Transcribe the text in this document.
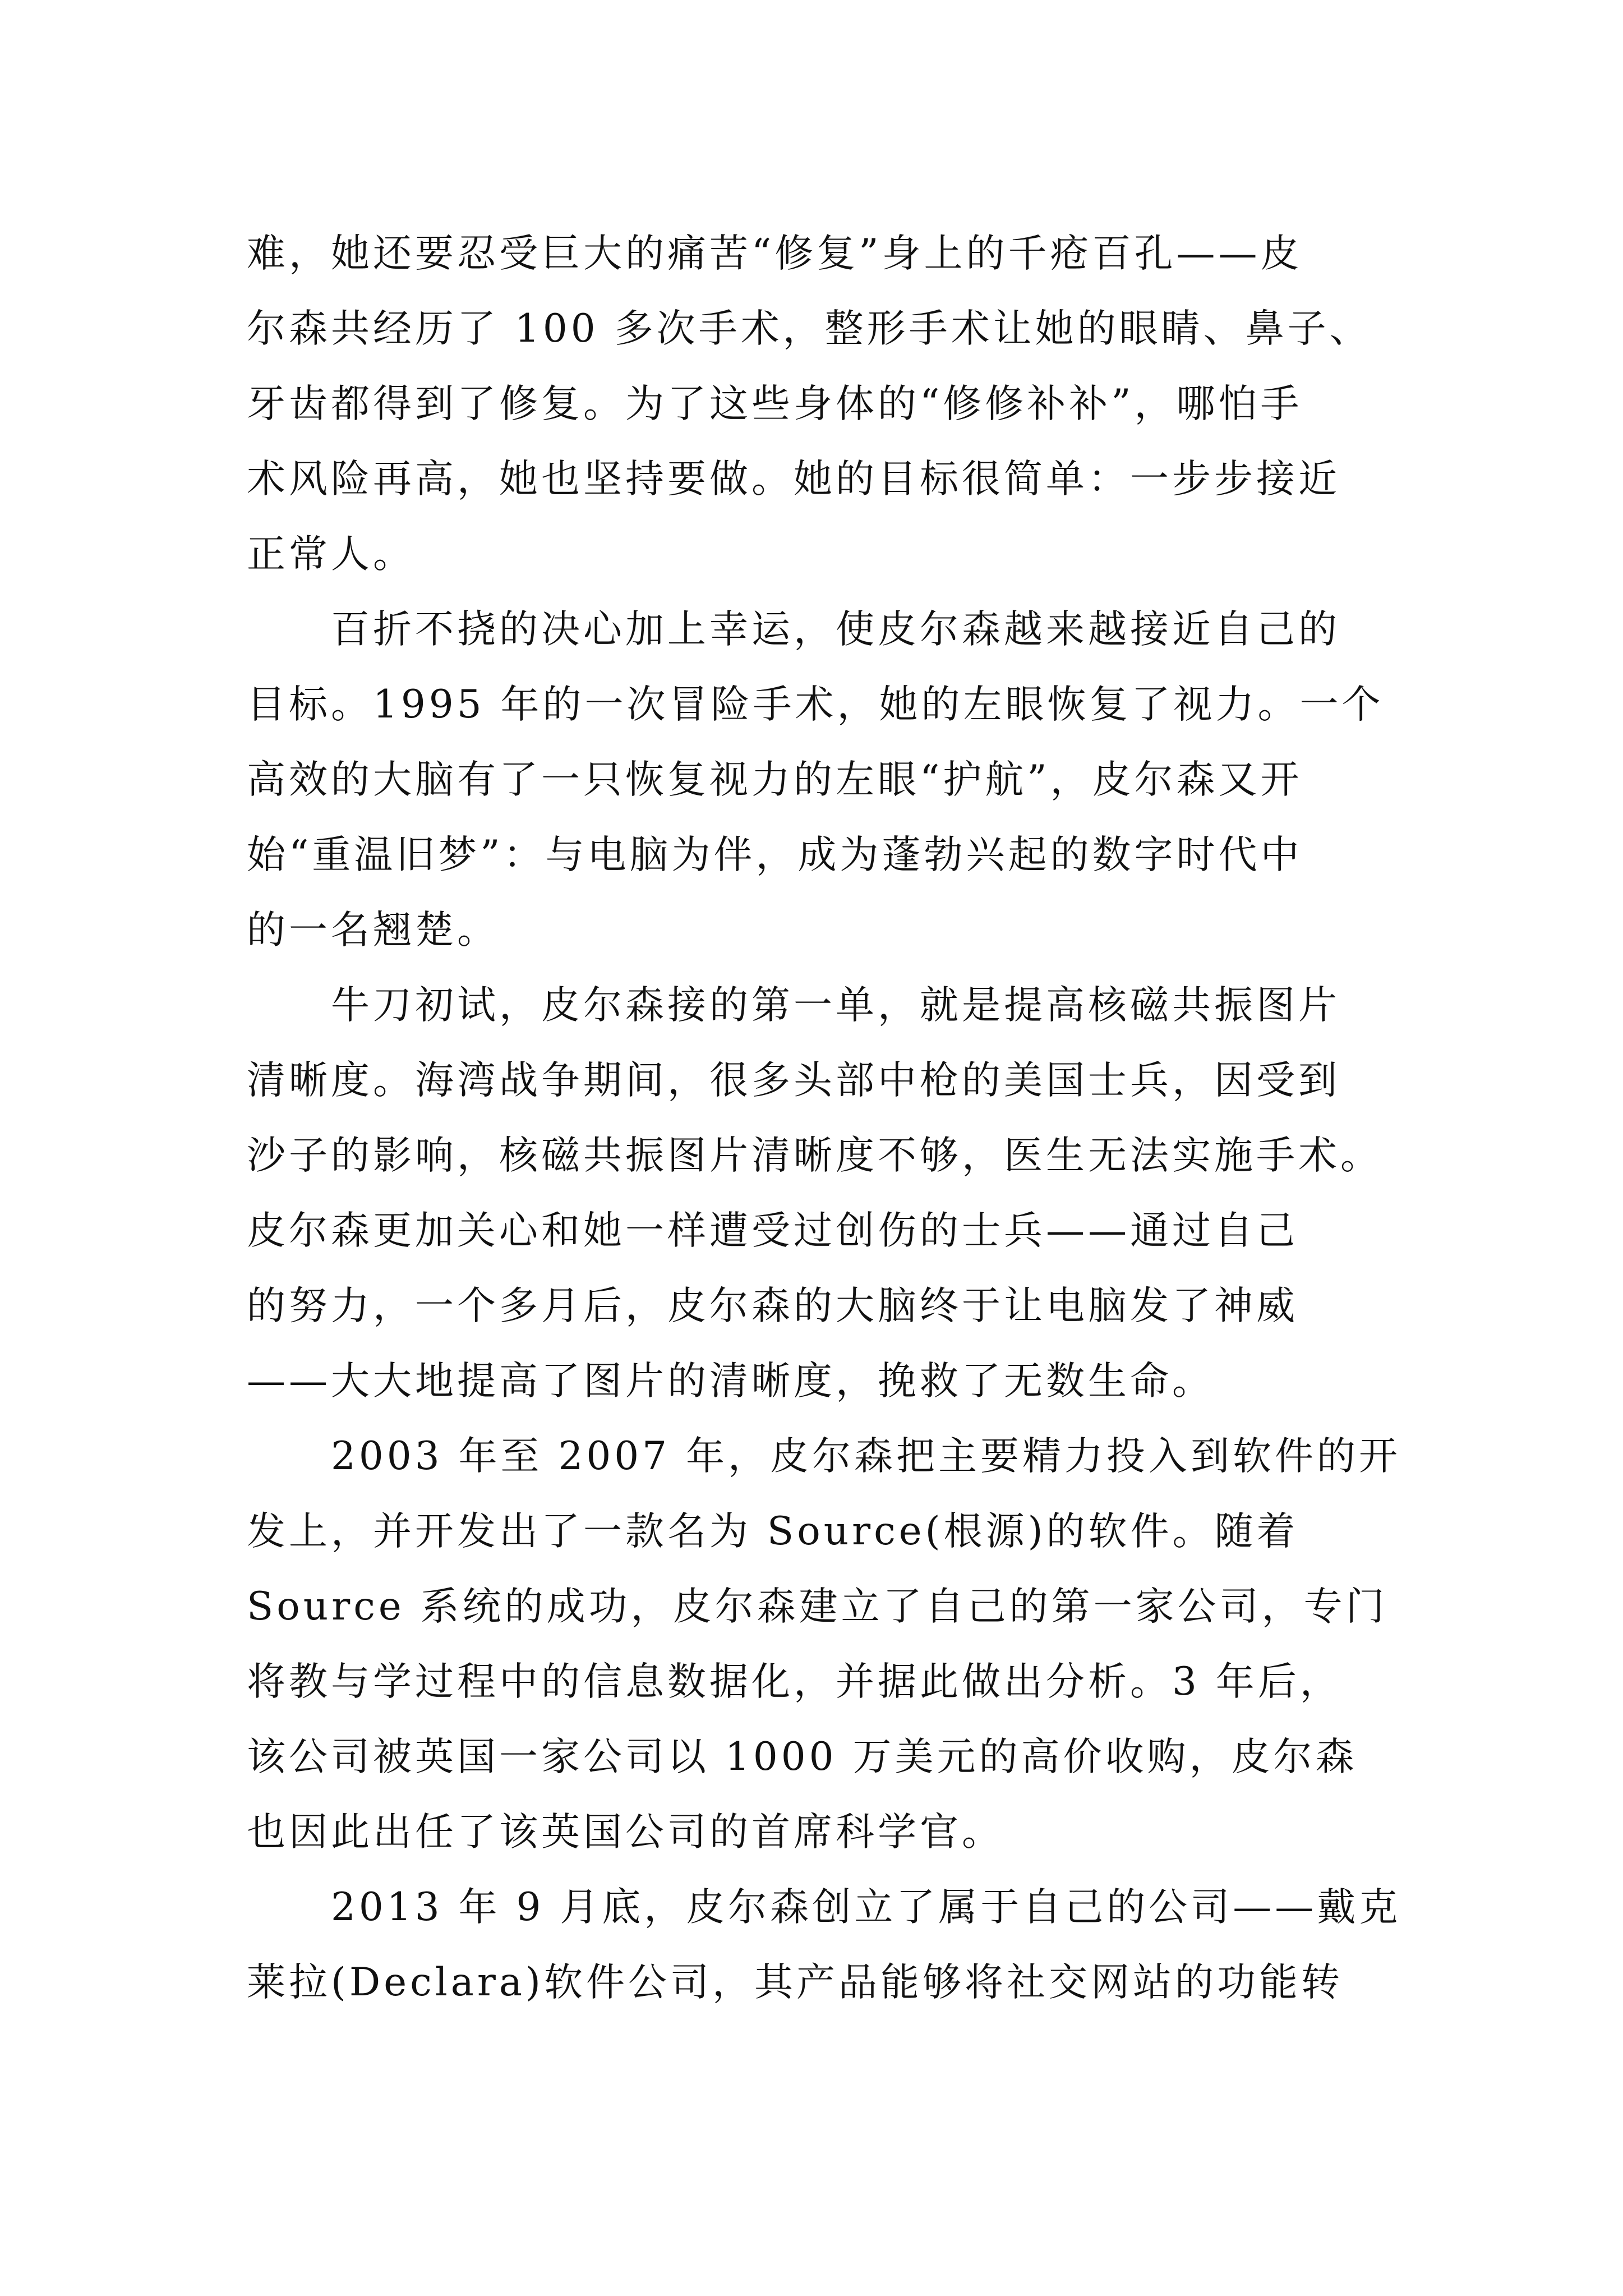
难，她还要忍受巨大的痛苦“修复”身上的千疮百孔——皮
尔森共经历了 100 多次手术，整形手术让她的眼睛、鼻子、
牙齿都得到了修复。为了这些身体的“修修补补”，哪怕手
术风险再高，她也坚持要做。她的目标很简单：一步步接近
正常人。
百折不挠的决心加上幸运，使皮尔森越来越接近自己的
目标。1995 年的一次冒险手术，她的左眼恢复了视力。一个
高效的大脑有了一只恢复视力的左眼“护航”，皮尔森又开
始“重温旧梦”：与电脑为伴，成为蓬勃兴起的数字时代中
的一名翘楚。
牛刀初试，皮尔森接的第一单，就是提高核磁共振图片
清晰度。海湾战争期间，很多头部中枪的美国士兵，因受到
沙子的影响，核磁共振图片清晰度不够，医生无法实施手术。
皮尔森更加关心和她一样遭受过创伤的士兵——通过自己
的努力，一个多月后，皮尔森的大脑终于让电脑发了神威
——大大地提高了图片的清晰度，挽救了无数生命。
2003 年至 2007 年，皮尔森把主要精力投入到软件的开
发上，并开发出了一款名为 Source(根源)的软件。随着
Source 系统的成功，皮尔森建立了自己的第一家公司，专门
将教与学过程中的信息数据化，并据此做出分析。3 年后，
该公司被英国一家公司以 1000 万美元的高价收购，皮尔森
也因此出任了该英国公司的首席科学官。
2013 年 9 月底，皮尔森创立了属于自己的公司——戴克
莱拉(Declara)软件公司，其产品能够将社交网站的功能转
